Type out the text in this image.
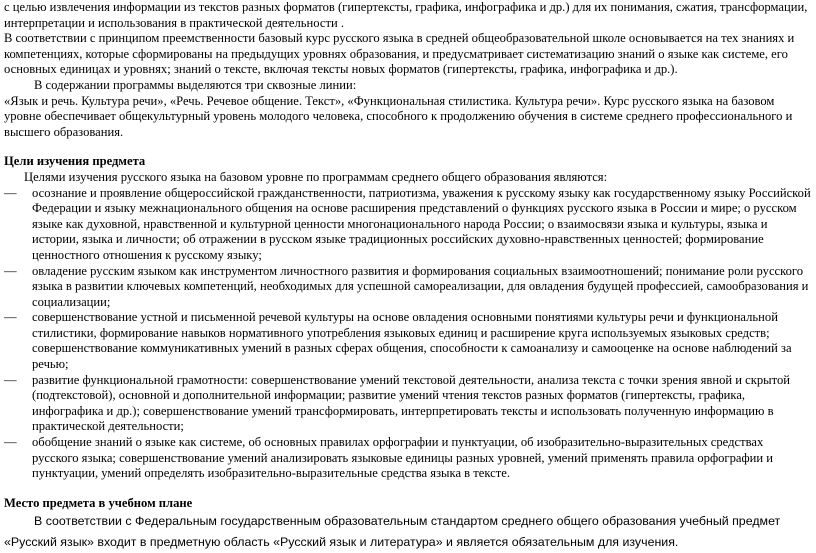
с целью извлечения информации из текстов разных форматов (гипертексты, графика, инфографика и др.) для их понимания, сжатия, трансформации, интерпретации и использования в практической деятельности .

В соответствии с принципом преемственности базовый курс русского языка в средней общеобразовательной школе основывается на тех знаниях и компетенциях, которые сформированы на предыдущих уровнях образования, и предусматривает систематизацию знаний о языке как системе, его основных единицах и уровнях; знаний о тексте, включая тексты новых форматов (гипертексты, графика, инфографика и др.).

В содержании программы выделяются три сквозные линии:

«Язык и речь. Культура речи», «Речь. Речевое общение. Текст», «Функциональная стилистика. Культура речи». Курс русского языка на базовом уровне обеспечивает общекультурный уровень молодого человека, способного к продолжению обучения в системе среднего профессионального и высшего образования.

Цели изучения предмета

Целями изучения русского языка на базовом уровне по программам среднего общего образования являются:

— осознание и проявление общероссийской гражданственности, патриотизма, уважения к русскому языку как государственному языку Российской Федерации и языку межнационального общения на основе расширения представлений о функциях русского языка в России и мире; о русском языке как духовной, нравственной и культурной ценности многонационального народа России; о взаимосвязи языка и культуры, языка и истории, языка и личности; об отражении в русском языке традиционных российских духовно-нравственных ценностей; формирование ценностного отношения к русскому языку;
— овладение русским языком как инструментом личностного развития и формирования социальных взаимоотношений; понимание роли русского языка в развитии ключевых компетенций, необходимых для успешной самореализации, для овладения будущей профессией, самообразования и социализации;
— совершенствование устной и письменной речевой культуры на основе овладения основными понятиями культуры речи и функциональной стилистики, формирование навыков нормативного употребления языковых единиц и расширение круга используемых языковых средств; совершенствование коммуникативных умений в разных сферах общения, способности к самоанализу и самооценке на основе наблюдений за речью;
— развитие функциональной грамотности: совершенствование умений текстовой деятельности, анализа текста с точки зрения явной и скрытой (подтекстовой), основной и дополнительной информации; развитие умений чтения текстов разных форматов (гипертексты, графика, инфографика и др.); совершенствование умений трансформировать, интерпретировать тексты и использовать полученную информацию в практической деятельности;
— обобщение знаний о языке как системе, об основных правилах орфографии и пунктуации, об изобразительно-выразительных средствах русского языка; совершенствование умений анализировать языковые единицы разных уровней, умений применять правила орфографии и пунктуации, умений определять изобразительно-выразительные средства языка в тексте.

Место предмета в учебном плане

В соответствии с Федеральным государственным образовательным стандартом среднего общего образования учебный предмет «Русский язык» входит в предметную область «Русский язык и литература» и является обязательным для изучения.
